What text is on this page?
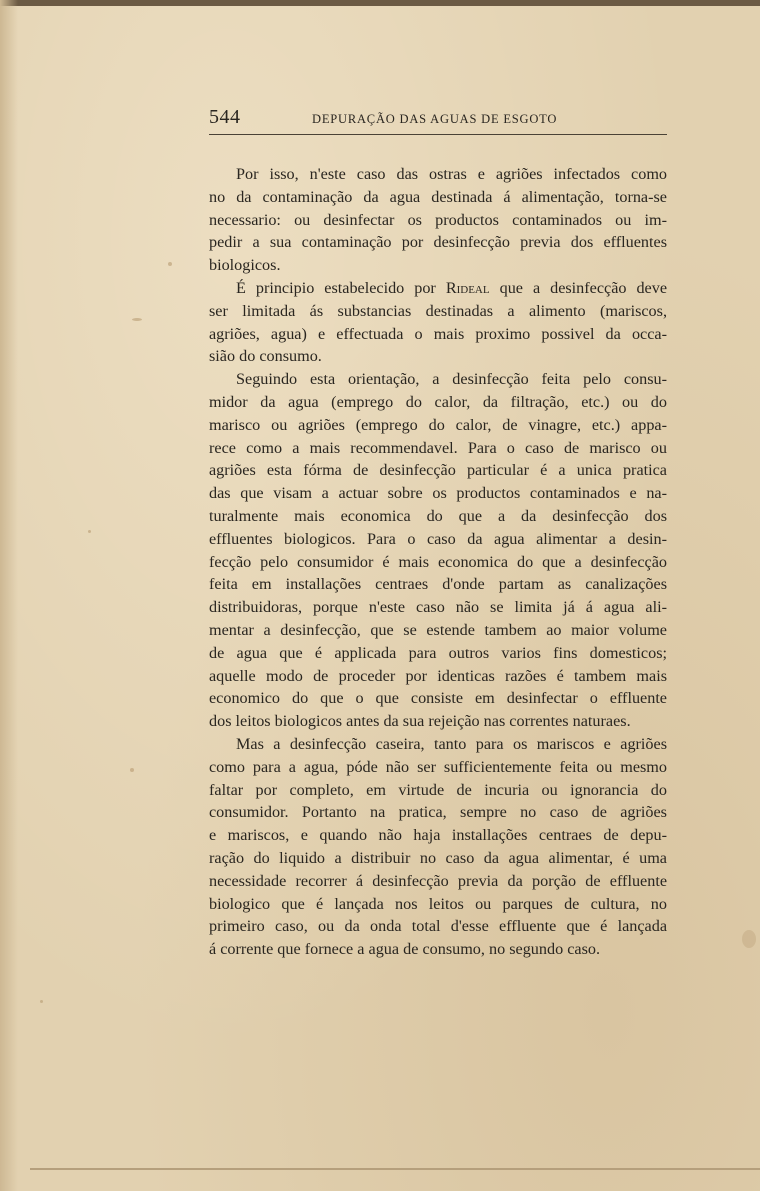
544	DEPURAÇÃO DAS AGUAS DE ESGOTO

Por isso, n'este caso das ostras e agriões infectados como
no da contaminação da agua destinada á alimentação, torna-se
necessario: ou desinfectar os productos contaminados ou im-
pedir a sua contaminação por desinfecção previa dos effluentes
biologicos.

É principio estabelecido por Rideal que a desinfecção deve
ser limitada ás substancias destinadas a alimento (mariscos,
agriões, agua) e effectuada o mais proximo possivel da occa-
sião do consumo.

Seguindo esta orientação, a desinfecção feita pelo consu-
midor da agua (emprego do calor, da filtração, etc.) ou do
marisco ou agriões (emprego do calor, de vinagre, etc.) appa-
rece como a mais recommendavel. Para o caso de marisco ou
agriões esta fórma de desinfecção particular é a unica pratica
das que visam a actuar sobre os productos contaminados e na-
turalmente mais economica do que a da desinfecção dos
effluentes biologicos. Para o caso da agua alimentar a desin-
fecção pelo consumidor é mais economica do que a desinfecção
feita em installações centraes d'onde partam as canalizações
distribuidoras, porque n'este caso não se limita já á agua ali-
mentar a desinfecção, que se estende tambem ao maior volume
de agua que é applicada para outros varios fins domesticos;
aquelle modo de proceder por identicas razões é tambem mais
economico do que o que consiste em desinfectar o effluente
dos leitos biologicos antes da sua rejeição nas correntes naturaes.

Mas a desinfecção caseira, tanto para os mariscos e agriões
como para a agua, póde não ser sufficientemente feita ou mesmo
faltar por completo, em virtude de incuria ou ignorancia do
consumidor. Portanto na pratica, sempre no caso de agriões
e mariscos, e quando não haja installações centraes de depu-
ração do liquido a distribuir no caso da agua alimentar, é uma
necessidade recorrer á desinfecção previa da porção de effluente
biologico que é lançada nos leitos ou parques de cultura, no
primeiro caso, ou da onda total d'esse effluente que é lançada
á corrente que fornece a agua de consumo, no segundo caso.
